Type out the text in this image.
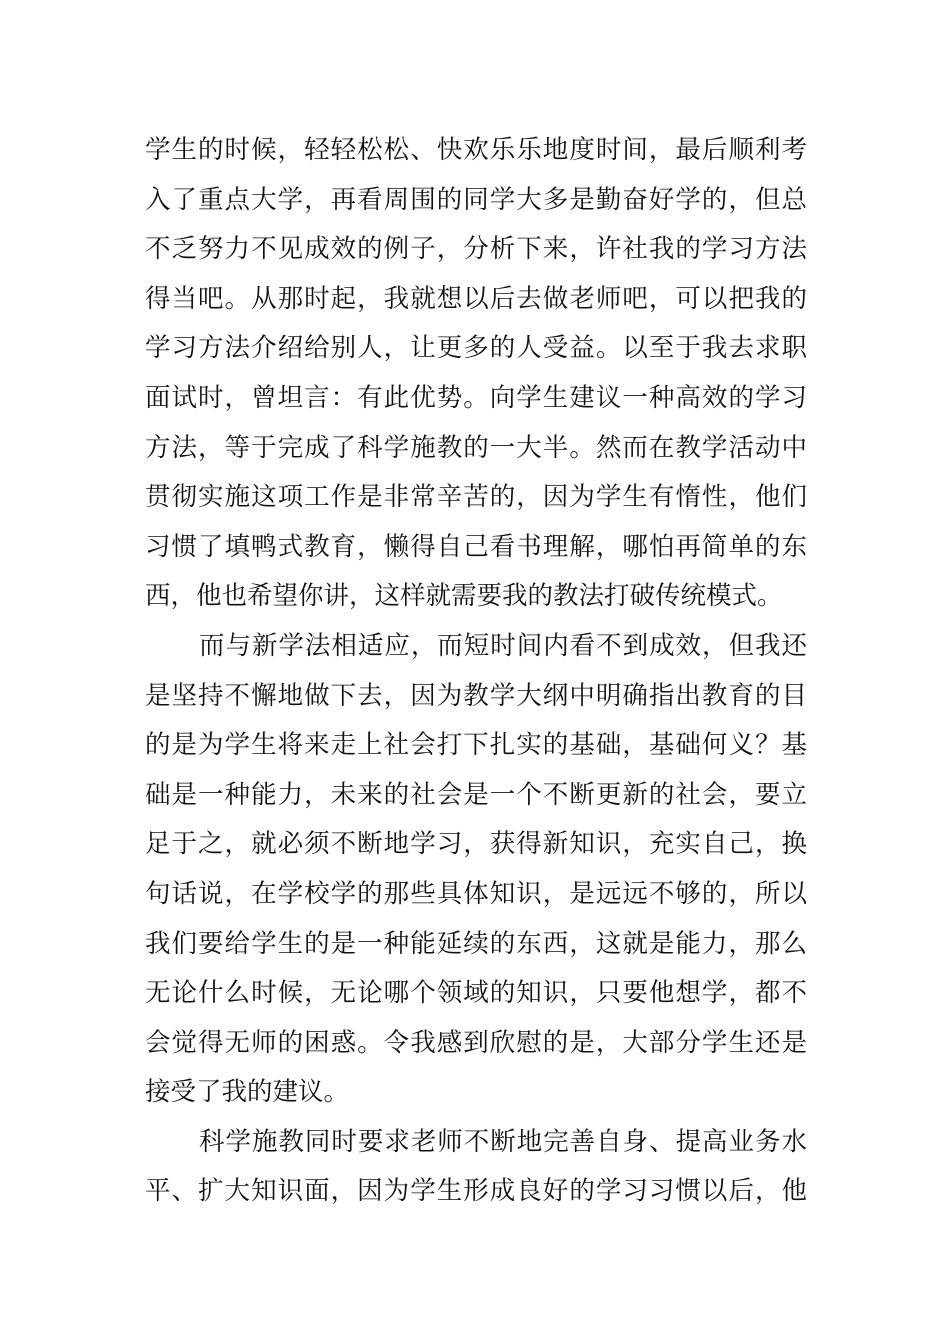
学生的时候，轻轻松松、快欢乐乐地度时间，最后顺利考
入了重点大学，再看周围的同学大多是勤奋好学的，但总
不乏努力不见成效的例子，分析下来，许社我的学习方法
得当吧。从那时起，我就想以后去做老师吧，可以把我的
学习方法介绍给别人，让更多的人受益。以至于我去求职
面试时，曾坦言：有此优势。向学生建议一种高效的学习
方法，等于完成了科学施教的一大半。然而在教学活动中
贯彻实施这项工作是非常辛苦的，因为学生有惰性，他们
习惯了填鸭式教育，懒得自己看书理解，哪怕再简单的东
西，他也希望你讲，这样就需要我的教法打破传统模式。
而与新学法相适应，而短时间内看不到成效，但我还
是坚持不懈地做下去，因为教学大纲中明确指出教育的目
的是为学生将来走上社会打下扎实的基础，基础何义？基
础是一种能力，未来的社会是一个不断更新的社会，要立
足于之，就必须不断地学习，获得新知识，充实自己，换
句话说，在学校学的那些具体知识，是远远不够的，所以
我们要给学生的是一种能延续的东西，这就是能力，那么
无论什么时候，无论哪个领域的知识，只要他想学，都不
会觉得无师的困惑。令我感到欣慰的是，大部分学生还是
接受了我的建议。
科学施教同时要求老师不断地完善自身、提高业务水
平、扩大知识面，因为学生形成良好的学习习惯以后，他
